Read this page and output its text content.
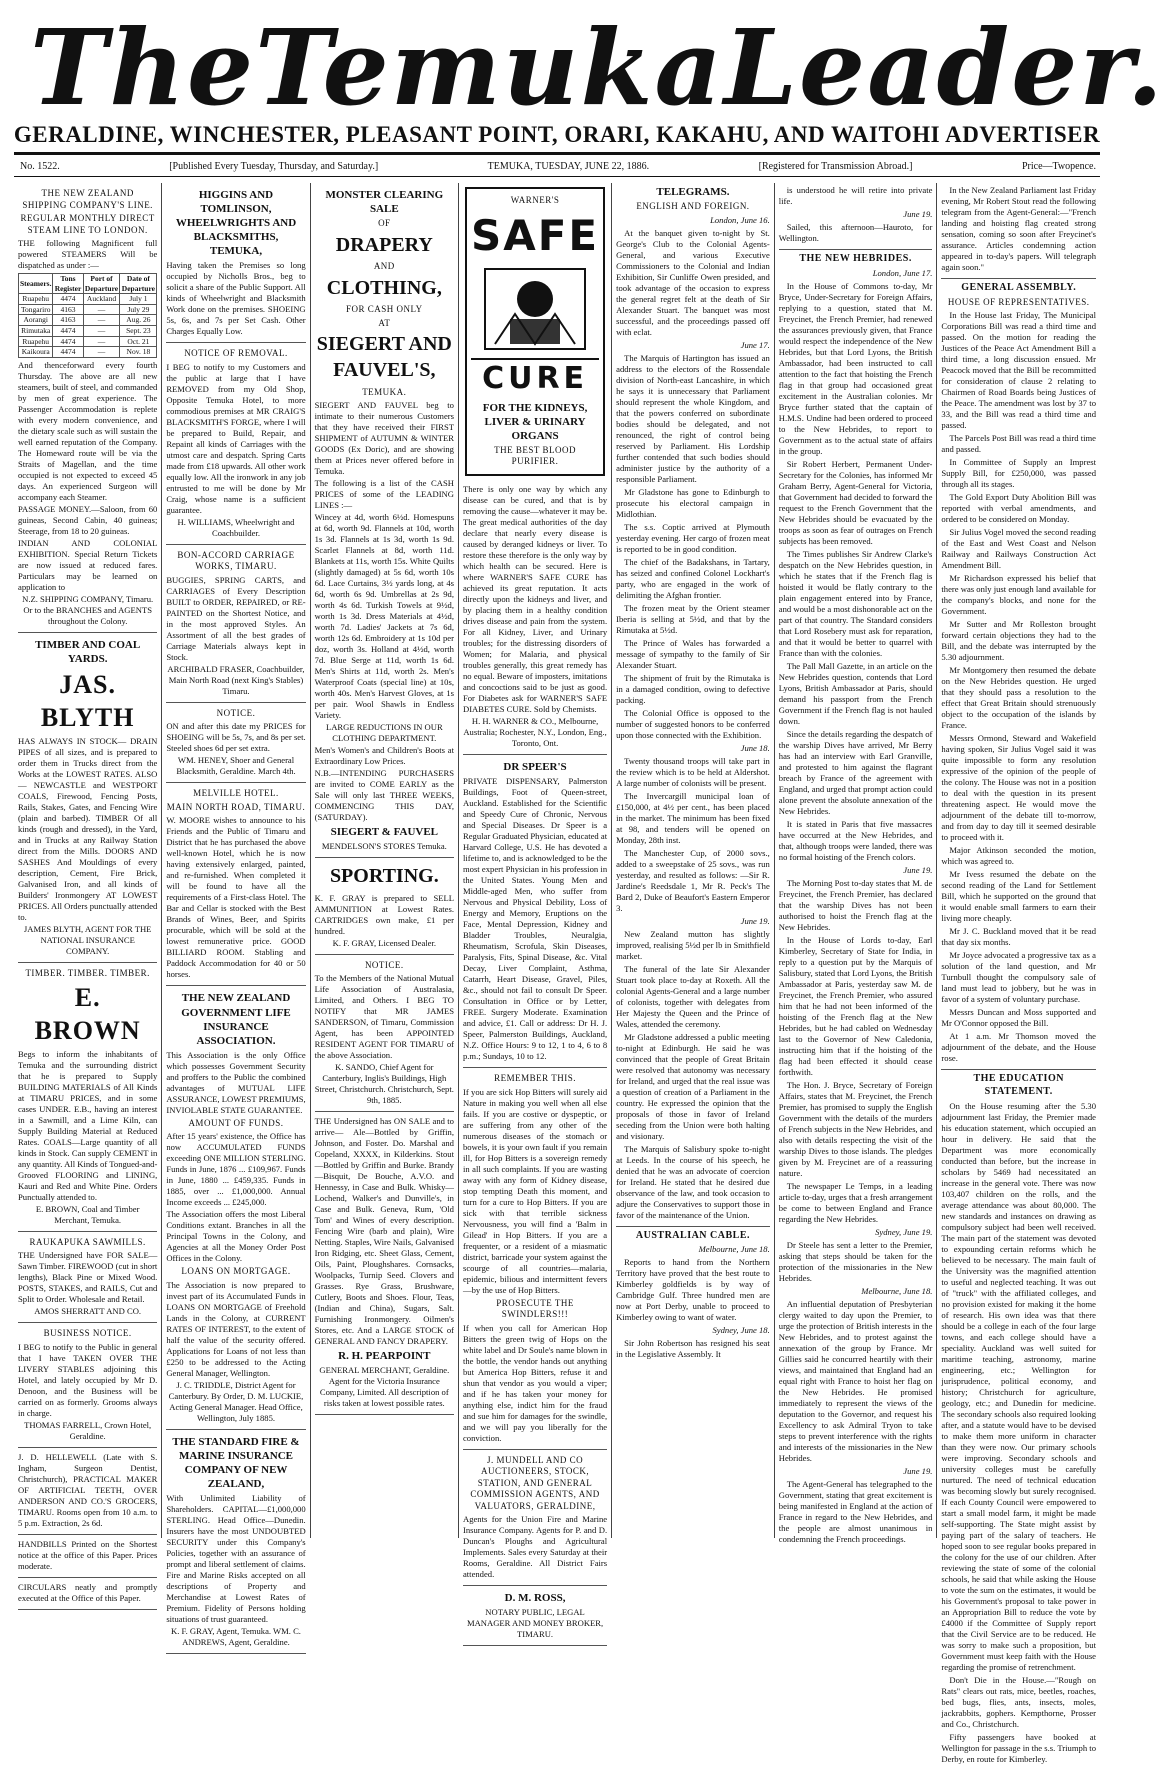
The Temuka Leader.
GERALDINE, WINCHESTER, PLEASANT POINT, ORARI, KAKAHU, AND WAITOHI ADVERTISER
No. 1522.	[Published Every Tuesday, Thursday, and Saturday.]	TEMUKA, TUESDAY, JUNE 22, 1886.	[Registered for Transmission Abroad.]	Price—Twopence.
THE NEW ZEALAND SHIPPING COMPANY'S LINE.
REGULAR MONTHLY DIRECT STEAM LINE TO LONDON.

THE following Magnificent full powered STEAMERS Will be dispatched as under :—

Steamers.	Tons Register	Port of Departure	Date of Departure
Ruapehu	4474	Auckland	July 1
Tongariro	4163	—	July 29
Aorangi	4163	—	Aug. 26
Rimutaka	4474	—	Sept. 23
Ruapehu	4474	—	Oct. 21
Kaikoura	4474	—	Nov. 18

And thenceforward every fourth Thursday. The above are all new steamers, built of steel, and commanded by men of great experience. The Passenger Accommodation is replete with every modern convenience, and the dietary scale such as will sustain the well earned reputation of the Company. The Homeward route will be via the Straits of Magellan, and the time occupied is not expected to exceed 45 days. An experienced Surgeon will accompany each Steamer.

PASSAGE MONEY.—Saloon, from 60 guineas, Second Cabin, 40 guineas; Steerage, from 18 to 20 guineas.

INDIAN AND COLONIAL EXHIBITION. Special Return Tickets are now issued at reduced fares. Particulars may be learned on application to

N.Z. SHIPPING COMPANY, Timaru. Or to the BRANCHES and AGENTS throughout the Colony.

TIMBER AND COAL YARDS.
JAS. BLYTH

HAS ALWAYS IN STOCK— DRAIN PIPES of all sizes, and is prepared to order them in Trucks direct from the Works at the LOWEST RATES. ALSO— NEWCASTLE and WESTPORT COALS, Firewood, Fencing Posts, Rails, Stakes, Gates, and Fencing Wire (plain and barbed). TIMBER Of all kinds (rough and dressed), in the Yard, and in Trucks at any Railway Station direct from the Mills. DOORS AND SASHES And Mouldings of every description, Cement, Fire Brick, Galvanised Iron, and all kinds of Builders' Ironmongery AT LOWEST PRICES. All Orders punctually attended to.

JAMES BLYTH, AGENT FOR THE NATIONAL INSURANCE COMPANY.

TIMBER. TIMBER. TIMBER.
E. BROWN

Begs to inform the inhabitants of Temuka and the surrounding district that he is prepared to Supply BUILDING MATERIALS of All Kinds at TIMARU PRICES, and in some cases UNDER. E.B., having an interest in a Sawmill, and a Lime Kiln, can Supply Building Material at Reduced Rates. COALS—Large quantity of all kinds in Stock. Can supply CEMENT in any quantity. All Kinds of Tongued-and-Grooved FLOORING and LINING, Kauri and Red and White Pine. Orders Punctually attended to.

E. BROWN, Coal and Timber Merchant, Temuka.

RAUKAPUKA SAWMILLS.

THE Undersigned have FOR SALE— Sawn Timber. FIREWOOD (cut in short lengths), Black Pine or Mixed Wood. POSTS, STAKES, and RAILS, Cut and Split to Order. Wholesale and Retail.

AMOS SHERRATT AND CO.

BUSINESS NOTICE.

I BEG to notify to the Public in general that I have TAKEN OVER THE LIVERY STABLES adjoining this Hotel, and lately occupied by Mr D. Denoon, and the Business will be carried on as formerly. Grooms always in charge.

THOMAS FARRELL, Crown Hotel, Geraldine.

J. D. HELLEWELL (Late with S. Ingham, Surgeon Dentist, Christchurch), PRACTICAL MAKER OF ARTIFICIAL TEETH, OVER ANDERSON AND CO.'S GROCERS, TIMARU. Rooms open from 10 a.m. to 5 p.m. Extraction, 2s 6d.

HANDBILLS Printed on the Shortest notice at the office of this Paper. Prices moderate.

CIRCULARS neatly and promptly executed at the Office of this Paper.

HIGGINS AND TOMLINSON, WHEELWRIGHTS AND BLACKSMITHS, TEMUKA,

Having taken the Premises so long occupied by Nicholls Bros., beg to solicit a share of the Public Support. All kinds of Wheelwright and Blacksmith Work done on the premises. SHOEING 5s, 6s, and 7s per Set Cash. Other Charges Equally Low.

NOTICE OF REMOVAL.

I BEG to notify to my Customers and the public at large that I have REMOVED from my Old Shop, Opposite Temuka Hotel, to more commodious premises at MR CRAIG'S BLACKSMITH'S FORGE, where I will be prepared to Build, Repair, and Repaint all kinds of Carriages with the utmost care and despatch. Spring Carts made from £18 upwards. All other work equally low. All the ironwork in any job entrusted to me will be done by Mr Craig, whose name is a sufficient guarantee.

H. WILLIAMS, Wheelwright and Coachbuilder.

BON-ACCORD CARRIAGE WORKS, TIMARU.

BUGGIES, SPRING CARTS, and CARRIAGES of Every Description BUILT to ORDER, REPAIRED, or RE-PAINTED on the Shortest Notice, and in the most approved Styles. An Assortment of all the best grades of Carriage Materials always kept in Stock.

ARCHIBALD FRASER, Coachbuilder, Main North Road (next King's Stables) Timaru.

NOTICE.

ON and after this date my PRICES for SHOEING will be 5s, 7s, and 8s per set. Steeled shoes 6d per set extra.

WM. HENEY, Shoer and General Blacksmith, Geraldine. March 4th.

MELVILLE HOTEL.
MAIN NORTH ROAD, TIMARU.

W. MOORE wishes to announce to his Friends and the Public of Timaru and District that he has purchased the above well-known Hotel, which he is now having extensively enlarged, painted, and re-furnished. When completed it will be found to have all the requirements of a First-class Hotel. The Bar and Cellar is stocked with the Best Brands of Wines, Beer, and Spirits procurable, which will be sold at the lowest remunerative price. GOOD BILLIARD ROOM. Stabling and Paddock Accommodation for 40 or 50 horses.

THE NEW ZEALAND GOVERNMENT LIFE INSURANCE ASSOCIATION.

This Association is the only Office which possesses Government Security and proffers to the Public the combined advantages of MUTUAL LIFE ASSURANCE, LOWEST PREMIUMS, INVIOLABLE STATE GUARANTEE.

AMOUNT OF FUNDS.

After 15 years' existence, the Office has now ACCUMULATED FUNDS exceeding ONE MILLION STERLING. Funds in June, 1876 ... £109,967. Funds in June, 1880 ... £459,335. Funds in 1885, over ... £1,000,000. Annual Income exceeds ... £245,000.

The Association offers the most Liberal Conditions extant. Branches in all the Principal Towns in the Colony, and Agencies at all the Money Order Post Offices in the Colony.

LOANS ON MORTGAGE.

The Association is now prepared to invest part of its Accumulated Funds in LOANS ON MORTGAGE of Freehold Lands in the Colony, at CURRENT RATES OF INTEREST, to the extent of half the value of the security offered. Applications for Loans of not less than £250 to be addressed to the Acting General Manager, Wellington.

J. C. TRIDDLE, District Agent for Canterbury. By Order, D. M. LUCKIE, Acting General Manager. Head Office, Wellington, July 1885.

THE STANDARD FIRE & MARINE INSURANCE COMPANY OF NEW ZEALAND,

With Unlimited Liability of Shareholders. CAPITAL—£1,000,000 STERLING. Head Office—Dunedin. Insurers have the most UNDOUBTED SECURITY under this Company's Policies, together with an assurance of prompt and liberal settlement of claims. Fire and Marine Risks accepted on all descriptions of Property and Merchandise at Lowest Rates of Premium. Fidelity of Persons holding situations of trust guaranteed.

K. F. GRAY, Agent, Temuka. WM. C. ANDREWS, Agent, Geraldine.

MONSTER CLEARING SALE
OF
DRAPERY
AND
CLOTHING,
FOR CASH ONLY
AT
SIEGERT AND FAUVEL'S,
TEMUKA.

SIEGERT AND FAUVEL beg to intimate to their numerous Customers that they have received their FIRST SHIPMENT of AUTUMN & WINTER GOODS (Ex Doric), and are showing them at Prices never offered before in Temuka.

The following is a list of the CASH PRICES of some of the LEADING LINES :—

Wincey at 4d, worth 6½d. Homespuns at 6d, worth 9d. Flannels at 10d, worth 1s 3d. Flannels at 1s 3d, worth 1s 9d. Scarlet Flannels at 8d, worth 11d. Blankets at 11s, worth 15s. White Quilts (slightly damaged) at 5s 6d, worth 10s 6d. Lace Curtains, 3½ yards long, at 4s 6d, worth 6s 9d. Umbrellas at 2s 9d, worth 4s 6d. Turkish Towels at 9½d, worth 1s 3d. Dress Materials at 4½d, worth 7d. Ladies' Jackets at 7s 6d, worth 12s 6d. Embroidery at 1s 10d per doz, worth 3s. Holland at 4½d, worth 7d. Blue Serge at 11d, worth 1s 6d. Men's Shirts at 11d, worth 2s. Men's Waterproof Coats (special line) at 10s, worth 40s. Men's Harvest Gloves, at 1s per pair. Wool Shawls in Endless Variety.

LARGE REDUCTIONS IN OUR CLOTHING DEPARTMENT.

Men's Women's and Children's Boots at Extraordinary Low Prices.

N.B.—INTENDING PURCHASERS are invited to COME EARLY as the Sale will only last THREE WEEKS, COMMENCING THIS DAY, (SATURDAY).

SIEGERT & FAUVEL

MENDELSON'S STORES Temuka.

SPORTING.

K. F. GRAY is prepared to SELL AMMUNITION at Lowest Rates. CARTRIDGES own make, £1 per hundred.

K. F. GRAY, Licensed Dealer.

NOTICE.

To the Members of the National Mutual Life Association of Australasia, Limited, and Others. I BEG TO NOTIFY that MR JAMES SANDERSON, of Timaru, Commission Agent, has been APPOINTED RESIDENT AGENT FOR TIMARU of the above Association.

K. SANDO, Chief Agent for Canterbury, Inglis's Buildings, High Street, Christchurch. Christchurch, Sept. 9th, 1885.

THE Undersigned has ON SALE and to arrive— Ale—Bottled by Griffin, Johnson, and Foster. Do. Marshal and Copeland, XXXX, in Kilderkins. Stout—Bottled by Griffin and Burke. Brandy—Bisquit, De Bouche, A.V.O. and Hennessy, in Case and Bulk. Whisky—Lochend, Walker's and Dunville's, in Case and Bulk. Geneva, Rum, 'Old Tom' and Wines of every description. Fencing Wire (barb and plain), Wire Netting. Staples, Wire Nails, Galvanised Iron Ridging, etc. Sheet Glass, Cement, Oils, Paint, Ploughshares. Cornsacks, Woolpacks, Turnip Seed. Clovers and Grasses. Rye Grass, Brushware, Cutlery, Boots and Shoes. Flour, Teas, (Indian and China), Sugars, Salt. Furnishing Ironmongery. Oilmen's Stores, etc. And a LARGE STOCK of GENERAL AND FANCY DRAPERY.

R. H. PEARPOINT

GENERAL MERCHANT, Geraldine. Agent for the Victoria Insurance Company, Limited. All description of risks taken at lowest possible rates.

WARNER'S
SAFE
CURE
FOR THE KIDNEYS, LIVER & URINARY ORGANS
THE BEST BLOOD PURIFIER.

There is only one way by which any disease can be cured, and that is by removing the cause—whatever it may be. The great medical authorities of the day declare that nearly every disease is caused by deranged kidneys or liver. To restore these therefore is the only way by which health can be secured. Here is where WARNER'S SAFE CURE has achieved its great reputation. It acts directly upon the kidneys and liver, and by placing them in a healthy condition drives disease and pain from the system. For all Kidney, Liver, and Urinary troubles; for the distressing disorders of Women; for Malaria, and physical troubles generally, this great remedy has no equal. Beware of imposters, imitations and concoctions said to be just as good. For Diabetes ask for WARNER'S SAFE DIABETES CURE. Sold by Chemists.

H. H. WARNER & CO., Melbourne, Australia; Rochester, N.Y., London, Eng., Toronto, Ont.

DR SPEER'S

PRIVATE DISPENSARY, Palmerston Buildings, Foot of Queen-street, Auckland. Established for the Scientific and Speedy Cure of Chronic, Nervous and Special Diseases. Dr Speer is a Regular Graduated Physician, educated at Harvard College, U.S. He has devoted a lifetime to, and is acknowledged to be the most expert Physician in his profession in the United States. Young Men and Middle-aged Men, who suffer from Nervous and Physical Debility, Loss of Energy and Memory, Eruptions on the Face, Mental Depression, Kidney and Bladder Troubles, Neuralgia, Rheumatism, Scrofula, Skin Diseases, Paralysis, Fits, Spinal Disease, &c. Vital Decay, Liver Complaint, Asthma, Catarrh, Heart Disease, Gravel, Piles, &c., should not fail to consult Dr Speer. Consultation in Office or by Letter, FREE. Surgery Moderate. Examination and advice, £1. Call or address: Dr H. J. Speer, Palmerston Buildings, Auckland, N.Z. Office Hours: 9 to 12, 1 to 4, 6 to 8 p.m.; Sundays, 10 to 12.

REMEMBER THIS.

If you are sick Hop Bitters will surely aid Nature in making you well when all else fails. If you are costive or dyspeptic, or are suffering from any other of the numerous diseases of the stomach or bowels, it is your own fault if you remain ill, for Hop Bitters is a sovereign remedy in all such complaints. If you are wasting away with any form of Kidney disease, stop tempting Death this moment, and turn for a cure to Hop Bitters. If you are sick with that terrible sickness Nervousness, you will find a 'Balm in Gilead' in Hop Bitters. If you are a frequenter, or a resident of a miasmatic district, barricade your system against the scourge of all countries—malaria, epidemic, bilious and intermittent fevers—by the use of Hop Bitters.

PROSECUTE THE SWINDLERS!!!

If when you call for American Hop Bitters the green twig of Hops on the white label and Dr Soule's name blown in the bottle, the vendor hands out anything but America Hop Bitters, refuse it and shun that vendor as you would a viper; and if he has taken your money for anything else, indict him for the fraud and sue him for damages for the swindle, and we will pay you liberally for the conviction.

J. MUNDELL AND CO AUCTIONEERS, STOCK, STATION, AND GENERAL COMMISSION AGENTS, AND VALUATORS, GERALDINE,

Agents for the Union Fire and Marine Insurance Company. Agents for P. and D. Duncan's Ploughs and Agricultural Implements. Sales every Saturday at their Rooms, Geraldine. All District Fairs attended.

D. M. ROSS,

NOTARY PUBLIC, LEGAL MANAGER AND MONEY BROKER, TIMARU.

TELEGRAMS.
ENGLISH AND FOREIGN.
London, June 16.

At the banquet given to-night by St. George's Club to the Colonial Agents-General, and various Executive Commissioners to the Colonial and Indian Exhibition, Sir Cunliffe Owen presided, and took advantage of the occasion to express the general regret felt at the death of Sir Alexander Stuart. The banquet was most successful, and the proceedings passed off with eclat.

June 17.

The Marquis of Hartington has issued an address to the electors of the Rossendale division of North-east Lancashire, in which he says it is unnecessary that Parliament should represent the whole Kingdom, and that the powers conferred on subordinate bodies should be delegated, and not renounced, the right of control being reserved by Parliament. His Lordship further contended that such bodies should administer justice by the authority of a responsible Parliament.

Mr Gladstone has gone to Edinburgh to prosecute his electoral campaign in Midlothian.

The s.s. Coptic arrived at Plymouth yesterday evening. Her cargo of frozen meat is reported to be in good condition.

The chief of the Badakshans, in Tartary, has seized and confined Colonel Lockhart's party, who are engaged in the work of delimiting the Afghan frontier.

The frozen meat by the Orient steamer Iberia is selling at 5½d, and that by the Rimutaka at 5½d.

The Prince of Wales has forwarded a message of sympathy to the family of Sir Alexander Stuart.

The shipment of fruit by the Rimutaka is in a damaged condition, owing to defective packing.

The Colonial Office is opposed to the number of suggested honors to be conferred upon those connected with the Exhibition.

June 18.

Twenty thousand troops will take part in the review which is to be held at Aldershot. A large number of colonists will be present.

The Invercargill municipal loan of £150,000, at 4½ per cent., has been placed in the market. The minimum has been fixed at 98, and tenders will be opened on Monday, 28th inst.

The Manchester Cup, of 2000 sovs., added to a sweepstake of 25 sovs., was run yesterday, and resulted as follows: —Sir R. Jardine's Reedsdale 1, Mr R. Peck's The Bard 2, Duke of Beaufort's Eastern Emperor 3.

June 19.

New Zealand mutton has slightly improved, realising 5½d per lb in Smithfield market.

The funeral of the late Sir Alexander Stuart took place to-day at Roxeth. All the colonial Agents-General and a large number of colonists, together with delegates from Her Majesty the Queen and the Prince of Wales, attended the ceremony.

Mr Gladstone addressed a public meeting to-night at Edinburgh. He said he was convinced that the people of Great Britain were resolved that autonomy was necessary for Ireland, and urged that the real issue was a question of creation of a Parliament in the country. He expressed the opinion that the proposals of those in favor of Ireland seceding from the Union were both halting and visionary.

The Marquis of Salisbury spoke to-night at Leeds. In the course of his speech, he denied that he was an advocate of coercion for Ireland. He stated that he desired due observance of the law, and took occasion to adjure the Conservatives to support those in favor of the maintenance of the Union.

AUSTRALIAN CABLE.
Melbourne, June 18.

Reports to hand from the Northern Territory have proved that the best route to Kimberley goldfields is by way of Cambridge Gulf. Three hundred men are now at Port Derby, unable to proceed to Kimberley owing to want of water.

Sydney, June 18.

Sir John Robertson has resigned his seat in the Legislative Assembly. It

is understood he will retire into private life.

June 19.

Sailed, this afternoon—Hauroto, for Wellington.

THE NEW HEBRIDES.
London, June 17.

In the House of Commons to-day, Mr Bryce, Under-Secretary for Foreign Affairs, replying to a question, stated that M. Freycinet, the French Premier, had renewed the assurances previously given, that France would respect the independence of the New Hebrides, but that Lord Lyons, the British Ambassador, had been instructed to call attention to the fact that hoisting the French flag in that group had occasioned great excitement in the Australian colonies. Mr Bryce further stated that the captain of H.M.S. Undine had been ordered to proceed to the New Hebrides, to report to Government as to the actual state of affairs in the group.

Sir Robert Herbert, Permanent Under-Secretary for the Colonies, has informed Mr Graham Berry, Agent-General for Victoria, that Government had decided to forward the request to the French Government that the New Hebrides should be evacuated by the troops as soon as fear of outrages on French subjects has been removed.

The Times publishes Sir Andrew Clarke's despatch on the New Hebrides question, in which he states that if the French flag is hoisted it would be flatly contrary to the plain engagement entered into by France, and would be a most dishonorable act on the part of that country. The Standard considers that Lord Rosebery must ask for reparation, and that it would be better to quarrel with France than with the colonies.

The Pall Mall Gazette, in an article on the New Hebrides question, contends that Lord Lyons, British Ambassador at Paris, should demand his passport from the French Government if the French flag is not hauled down.

Since the details regarding the despatch of the warship Dives have arrived, Mr Berry has had an interview with Earl Granville, and protested to him against the flagrant breach by France of the agreement with England, and urged that prompt action could alone prevent the absolute annexation of the New Hebrides.

It is stated in Paris that five massacres have occurred at the New Hebrides, and that, although troops were landed, there was no formal hoisting of the French colors.

June 19.

The Morning Post to-day states that M. de Freycinet, the French Premier, has declared that the warship Dives has not been authorised to hoist the French flag at the New Hebrides.

In the House of Lords to-day, Earl Kimberley, Secretary of State for India, in reply to a question put by the Marquis of Salisbury, stated that Lord Lyons, the British Ambassador at Paris, yesterday saw M. de Freycinet, the French Premier, who assured him that he had not been informed of the hoisting of the French flag at the New Hebrides, but he had cabled on Wednesday last to the Governor of New Caledonia, instructing him that if the hoisting of the flag had been effected it should cease forthwith.

The Hon. J. Bryce, Secretary of Foreign Affairs, states that M. Freycinet, the French Premier, has promised to supply the English Government with the details of the murders of French subjects in the New Hebrides, and also with details respecting the visit of the warship Dives to those islands. The pledges given by M. Freycinet are of a reassuring nature.

The newspaper Le Temps, in a leading article to-day, urges that a fresh arrangement be come to between England and France regarding the New Hebrides.

Sydney, June 19.

Dr Steele has sent a letter to the Premier, asking that steps should be taken for the protection of the missionaries in the New Hebrides.

Melbourne, June 18.

An influential deputation of Presbyterian clergy waited to day upon the Premier, to urge the protection of British interests in the New Hebrides, and to protest against the annexation of the group by France. Mr Gillies said he concurred heartily with their views, and maintained that England had an equal right with France to hoist her flag on the New Hebrides. He promised immediately to represent the views of the deputation to the Governor, and request his Excellency to ask Admiral Tryon to take steps to prevent interference with the rights and interests of the missionaries in the New Hebrides.

June 19.

The Agent-General has telegraphed to the Government, stating that great excitement is being manifested in England at the action of France in regard to the New Hebrides, and the people are almost unanimous in condemning the French proceedings.

In the New Zealand Parliament last Friday evening, Mr Robert Stout read the following telegram from the Agent-General:—"French landing and hoisting flag created strong sensation, coming so soon after Freycinet's assurance. Articles condemning action appeared in to-day's papers. Will telegraph again soon."

GENERAL ASSEMBLY.
HOUSE OF REPRESENTATIVES.

In the House last Friday, The Municipal Corporations Bill was read a third time and passed. On the motion for reading the Justices of the Peace Act Amendment Bill a third time, a long discussion ensued. Mr Peacock moved that the Bill be recommitted for consideration of clause 2 relating to Chairmen of Road Boards being Justices of the Peace. The amendment was lost by 37 to 33, and the Bill was read a third time and passed.

The Parcels Post Bill was read a third time and passed.

In Committee of Supply an Imprest Supply Bill, for £250,000, was passed through all its stages.

The Gold Export Duty Abolition Bill was reported with verbal amendments, and ordered to be considered on Monday.

Sir Julius Vogel moved the second reading of the East and West Coast and Nelson Railway and Railways Construction Act Amendment Bill.

Mr Richardson expressed his belief that there was only just enough land available for the company's blocks, and none for the Government.

Mr Sutter and Mr Rolleston brought forward certain objections they had to the Bill, and the debate was interrupted by the 5.30 adjournment.

Mr Montgomery then resumed the debate on the New Hebrides question. He urged that they should pass a resolution to the effect that Great Britain should strenuously object to the occupation of the islands by France.

Messrs Ormond, Steward and Wakefield having spoken, Sir Julius Vogel said it was quite impossible to form any resolution expressive of the opinion of the people of the colony. The House was not in a position to deal with the question in its present threatening aspect. He would move the adjournment of the debate till to-morrow, and from day to day till it seemed desirable to proceed with it.

Major Atkinson seconded the motion, which was agreed to.

Mr Ivess resumed the debate on the second reading of the Land for Settlement Bill, which he supported on the ground that it would enable small farmers to earn their living more cheaply.

Mr J. C. Buckland moved that it be read that day six months.

Mr Joyce advocated a progressive tax as a solution of the land question, and Mr Turnbull thought the compulsory sale of land must lead to jobbery, but he was in favor of a system of voluntary purchase.

Messrs Duncan and Moss supported and Mr O'Connor opposed the Bill.

At 1 a.m. Mr Thomson moved the adjournment of the debate, and the House rose.

THE EDUCATION STATEMENT.

On the House resuming after the 5.30 adjournment last Friday, the Premier made his education statement, which occupied an hour in delivery. He said that the Department was more economically conducted than before, but the increase in scholars by 5469 had necessitated an increase in the general vote. There was now 103,407 children on the rolls, and the average attendance was about 80,000. The new standards and instances on drawing as compulsory subject had been well received. The main part of the statement was devoted to expounding certain reforms which he believed to be necessary. The main fault of the University was the magnified attention to useful and neglected teaching. It was out of "truck" with the affiliated colleges, and no provision existed for making it the home of research. His own idea was that there should be a college in each of the four large towns, and each college should have a speciality. Auckland was well suited for maritime teaching, astronomy, marine engineering, etc.; Wellington for jurisprudence, political economy, and history; Christchurch for agriculture, geology, etc.; and Dunedin for medicine. The secondary schools also required looking after, and a statute would have to be devised to make them more uniform in character than they were now. Our primary schools were improving. Secondary schools and university colleges must be carefully nurtured. The need of technical education was becoming slowly but surely recognised. If each County Council were empowered to start a small model farm, it might be made self-supporting. The State might assist by paying part of the salary of teachers. He hoped soon to see regular books prepared in the colony for the use of our children. After reviewing the state of some of the colonial schools, he said that while asking the House to vote the sum on the estimates, it would be his Government's proposal to take power in an Appropriation Bill to reduce the vote by £4000 if the Committee of Supply report that the Civil Service are to be reduced. He was sorry to make such a proposition, but Government must keep faith with the House regarding the promise of retrenchment.

Don't Die in the House.—"Rough on Rats" clears out rats, mice, beetles, roaches, bed bugs, flies, ants, insects, moles, jackrabbits, gophers. Kempthorne, Prosser and Co., Christchurch.

Fifty passengers have booked at Wellington for passage in the s.s. Triumph to Derby, en route for Kimberley.
